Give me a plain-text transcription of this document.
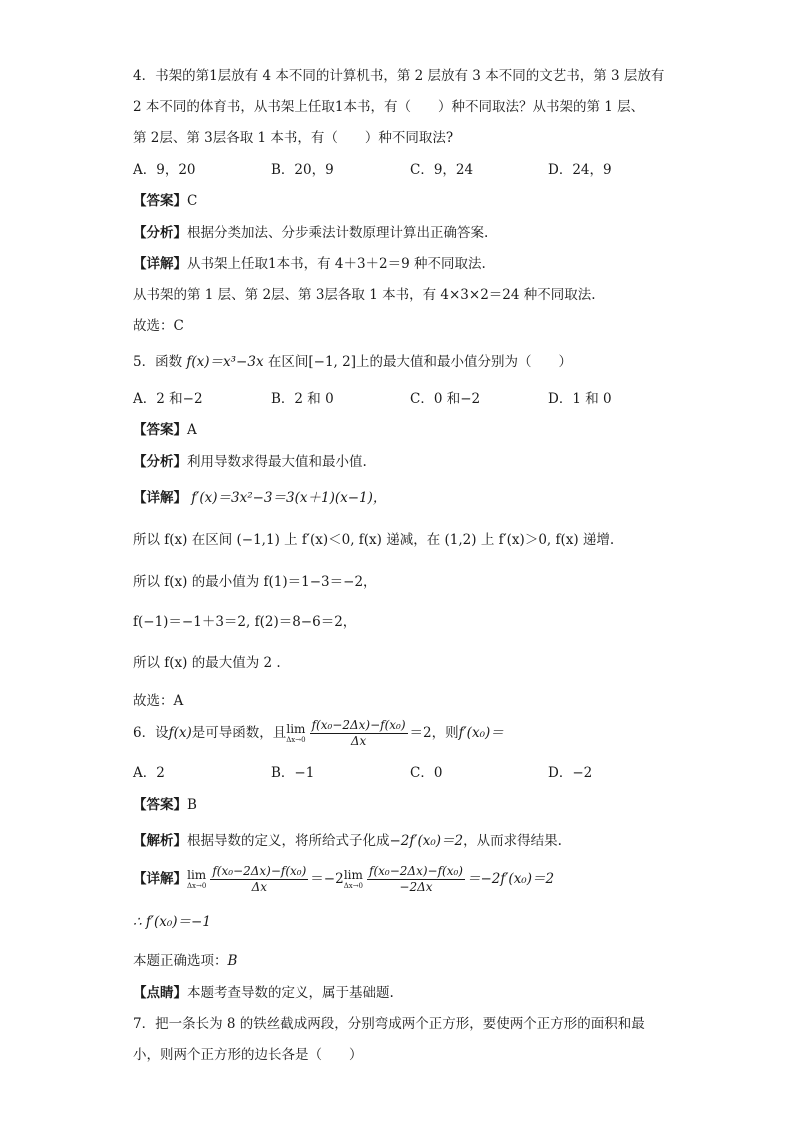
4．书架的第1层放有 4 本不同的计算机书，第 2 层放有 3 本不同的文艺书，第 3 层放有
2 本不同的体育书，从书架上任取1本书，有（　　）种不同取法？从书架的第 1 层、
第 2层、第 3层各取 1 本书，有（　　）种不同取法?
A．9，20	B．20，9	C．9，24	D．24，9
【答案】C
【分析】根据分类加法、分步乘法计数原理计算出正确答案.
【详解】从书架上任取1本书，有 4＋3＋2＝9 种不同取法.
从书架的第 1 层、第 2层、第 3层各取 1 本书，有 4×3×2＝24 种不同取法.
故选：C
5．函数 f(x)＝x³−3x 在区间[−1, 2]上的最大值和最小值分别为（　　）
A．2 和−2	B．2 和 0	C．0 和−2	D．1 和 0
【答案】A
【分析】利用导数求得最大值和最小值.
【详解】 f′(x)＝3x²−3＝3(x＋1)(x−1)，
所以 f(x) 在区间 (−1,1) 上 f′(x)＜0, f(x) 递减，在 (1,2) 上 f′(x)＞0, f(x) 递增.
所以 f(x) 的最小值为 f(1)＝1−3＝−2，
f(−1)＝−1＋3＝2, f(2)＝8−6＝2，
所以 f(x) 的最大值为 2 .
故选：A
6．设f(x)是可导函数，且lim
$\Delta x\to 0 \frac{\text{f(x₀−2Δx)−f(x₀)}}{\Delta x} =2$，则f′(x₀)＝
A．2	B．−1	C．0	D．−2
【答案】B
【解析】根据导数的定义，将所给式子化成−2f′(x₀)＝2，从而求得结果.
【详解】lim
$\Delta x\to 0 \frac{\text{f(x₀−2Δx)−f(x₀)}}{\Delta x} =-2\lim$
$\Delta x\to 0 \frac{\text{f(x₀−2Δx)−f(x₀)}}{-2\Delta x} =-2f'(x_0)=2$
∴ f′(x₀)＝−1
本题正确选项：B
【点睛】本题考查导数的定义，属于基础题.
7．把一条长为 8 的铁丝截成两段，分别弯成两个正方形，要使两个正方形的面积和最
小，则两个正方形的边长各是（　　）
